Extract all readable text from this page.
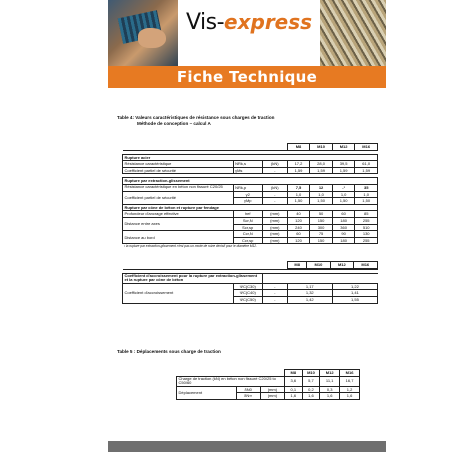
Vis-express
Fiche Technique
Table 4: Valeurs caractéristiques de résistance sous charges de traction
Méthode de conception – calcul A
			M8	M10	M12	M16

Rupture acier						
Résistance caractéristique	NRk,s	(kN)	17,2	28,0	39,5	61,0
Coefficient partiel de sécurité	γMs	-	1,59	1,59	1,59	1,59

Rupture par extraction-glissement						
Résistance caractéristique en béton non fissuré C20/25	NRk,p	(kN)	7,5	12	-¹	35
Coefficient partiel de sécurité	γ2	-	1,0	1,0	1,0	1,0
	γMp	-	1,50	1,50	1,50	1,50
Rupture par cône de béton et rupture par fendage						
Profondeur d'ancrage effective	hef	(mm)	40	50	60	85
Distance entre axes	Scr,N	(mm)	120	150	180	255
	Scr,sp	(mm)	240	300	360	510
Distance au bord	Ccr,N	(mm)	60	75	90	130
	Ccr,sp	(mm)	120	150	180	255
¹ la rupture par extraction-glissement n'est pas un mode de ruine décisif pour le diamètre M12.						

M8	M10	M12	M16

Coefficient d'accroissement pour la rupture par extraction-glissement et la rupture par cône de béton	
Coefficient d'accroissement	ΨC(C30)	-	1,17	1,22
ΨC(C40)	-	1,32	1,41
ΨC(C50)	-	1,42	1,55
Table 5 : Déplacements sous charge de traction
			M8	M10	M12	M16
Charge de traction (kN) en béton non fissuré C20/25 to C50/60			3,6	5,7	11,1	16,7
Déplacement	δN0	(mm)	0,1	0,2	0,3	1,2
	δN∞	(mm)	1,6	1,6	1,6	1,6
